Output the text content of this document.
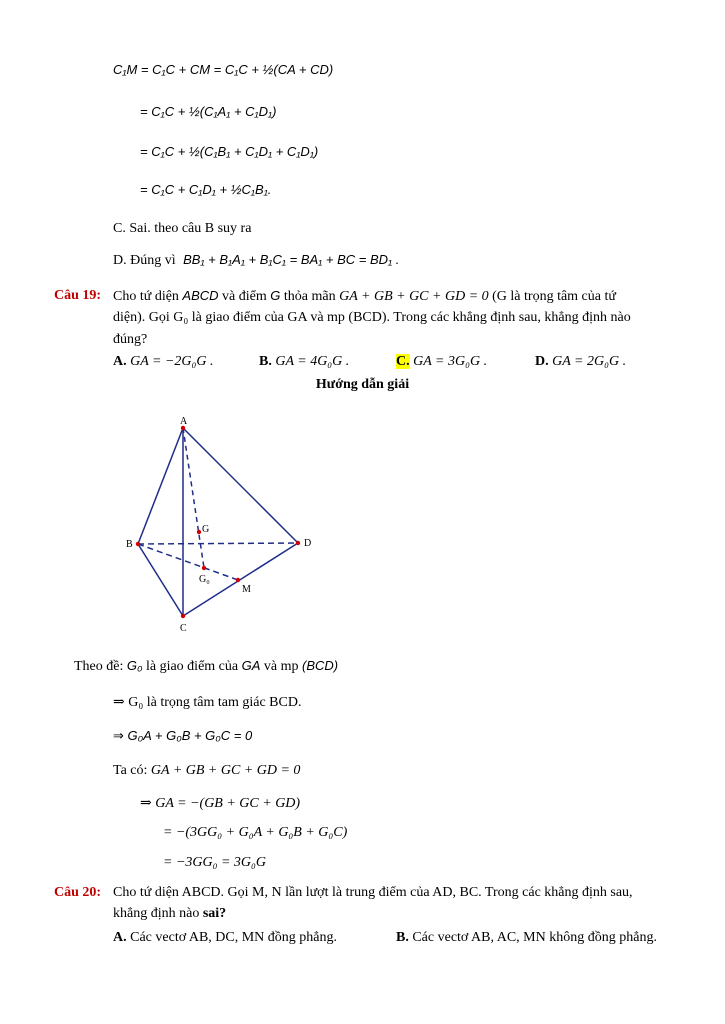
C₁M = C₁C + CM = C₁C + ½(CA + CD)
= C₁C + ½(C₁A₁ + C₁D₁)
= C₁C + ½(C₁B₁ + C₁D₁ + C₁D₁)
= C₁C + C₁D₁ + ½C₁B₁.
C. Sai. theo câu B suy ra
D. Đúng vì BB₁ + B₁A₁ + B₁C₁ = BA₁ + BC = BD₁ .
Câu 19: Cho tứ diện ABCD và điểm G thỏa mãn GA + GB + GC + GD = 0 (G là trọng tâm của tứ
diện). Gọi G₀ là giao điểm của GA và mp (BCD). Trong các khẳng định sau, khẳng định nào
đúng?
A. GA = −2G₀G .	B. GA = 4G₀G .	C. GA = 3G₀G .	D. GA = 2G₀G .
Hướng dẫn giải
A
B
C
D
G
G₀
M
Theo đề: G₀ là giao điểm của GA và mp (BCD)
⇒ G₀ là trọng tâm tam giác BCD.
⇒ G₀A + G₀B + G₀C = 0
Ta có: GA + GB + GC + GD = 0
⇒ GA = −(GB + GC + GD)
= −(3GG₀ + G₀A + G₀B + G₀C)
= −3GG₀ = 3G₀G
Câu 20: Cho tứ diện ABCD. Gọi M, N lần lượt là trung điểm của AD, BC. Trong các khẳng định sau,
khẳng định nào sai?
A. Các vectơ AB, DC, MN đồng phẳng.	B. Các vectơ AB, AC, MN không đồng phẳng.
